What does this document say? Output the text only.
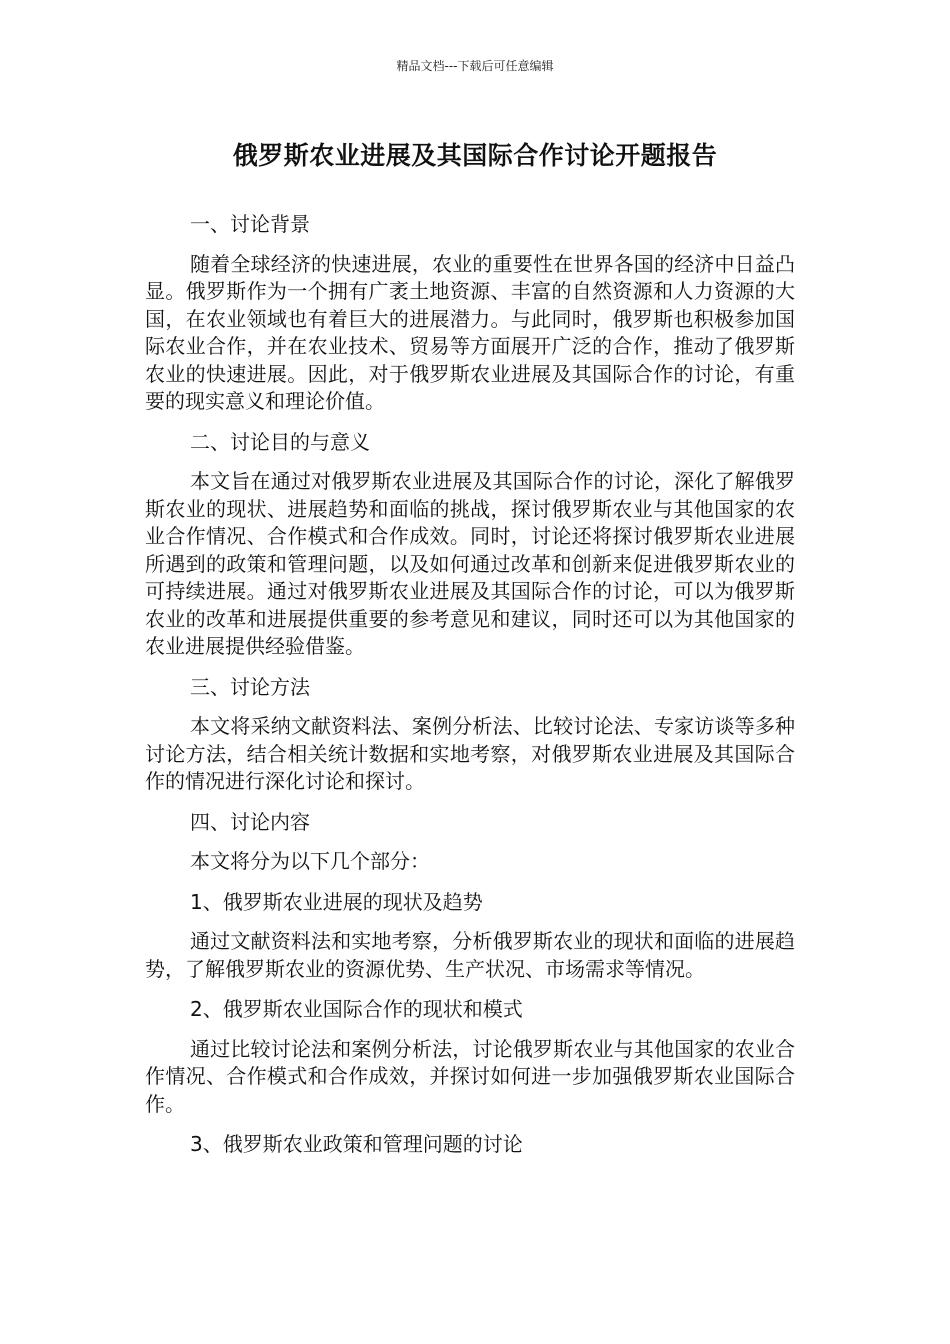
精品文档---下载后可任意编辑
俄罗斯农业进展及其国际合作讨论开题报告

一、讨论背景

随着全球经济的快速进展，农业的重要性在世界各国的经济中日益凸显。俄罗斯作为一个拥有广袤土地资源、丰富的自然资源和人力资源的大国，在农业领域也有着巨大的进展潜力。与此同时，俄罗斯也积极参加国际农业合作，并在农业技术、贸易等方面展开广泛的合作，推动了俄罗斯农业的快速进展。因此，对于俄罗斯农业进展及其国际合作的讨论，有重要的现实意义和理论价值。

二、讨论目的与意义

本文旨在通过对俄罗斯农业进展及其国际合作的讨论，深化了解俄罗斯农业的现状、进展趋势和面临的挑战，探讨俄罗斯农业与其他国家的农业合作情况、合作模式和合作成效。同时，讨论还将探讨俄罗斯农业进展所遇到的政策和管理问题，以及如何通过改革和创新来促进俄罗斯农业的可持续进展。通过对俄罗斯农业进展及其国际合作的讨论，可以为俄罗斯农业的改革和进展提供重要的参考意见和建议，同时还可以为其他国家的农业进展提供经验借鉴。

三、讨论方法

本文将采纳文献资料法、案例分析法、比较讨论法、专家访谈等多种讨论方法，结合相关统计数据和实地考察，对俄罗斯农业进展及其国际合作的情况进行深化讨论和探讨。

四、讨论内容

本文将分为以下几个部分：

1、俄罗斯农业进展的现状及趋势

通过文献资料法和实地考察，分析俄罗斯农业的现状和面临的进展趋势，了解俄罗斯农业的资源优势、生产状况、市场需求等情况。

2、俄罗斯农业国际合作的现状和模式

通过比较讨论法和案例分析法，讨论俄罗斯农业与其他国家的农业合作情况、合作模式和合作成效，并探讨如何进一步加强俄罗斯农业国际合作。

3、俄罗斯农业政策和管理问题的讨论
